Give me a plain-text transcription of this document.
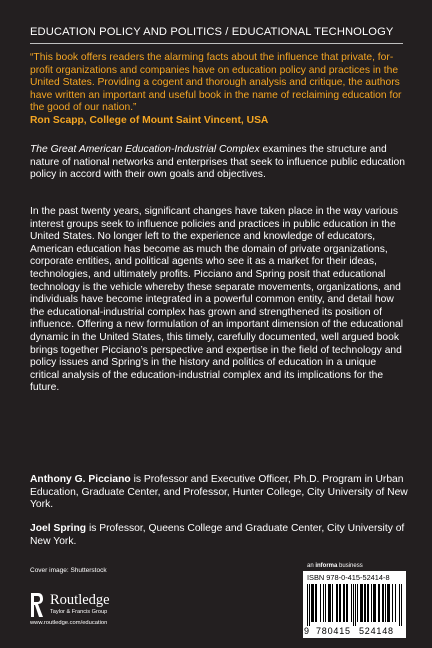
EDUCATION POLICY AND POLITICS / EDUCATIONAL TECHNOLOGY
“This book offers readers the alarming facts about the influence that private, for-profit organizations and companies have on education policy and practices in the United States. Providing a cogent and thorough analysis and critique, the authors have written an important and useful book in the name of reclaiming education for the good of our nation.”
Ron Scapp, College of Mount Saint Vincent, USA
The Great American Education-Industrial Complex examines the structure and nature of national networks and enterprises that seek to influence public education policy in accord with their own goals and objectives.
In the past twenty years, significant changes have taken place in the way various interest groups seek to influence policies and practices in public education in the United States. No longer left to the experience and knowledge of educators, American education has become as much the domain of private organizations, corporate entities, and political agents who see it as a market for their ideas, technologies, and ultimately profits. Picciano and Spring posit that educational technology is the vehicle whereby these separate movements, organizations, and individuals have become integrated in a powerful common entity, and detail how the educational-industrial complex has grown and strengthened its position of influence. Offering a new formulation of an important dimension of the educational dynamic in the United States, this timely, carefully documented, well argued book brings together Picciano’s perspective and expertise in the field of technology and policy issues and Spring’s in the history and politics of education in a unique critical analysis of the education-industrial complex and its implications for the future.
Anthony G. Picciano is Professor and Executive Officer, Ph.D. Program in Urban Education, Graduate Center, and Professor, Hunter College, City University of New York.
Joel Spring is Professor, Queens College and Graduate Center, City University of New York.
Cover image: Shutterstock
Routledge
Taylor & Francis Group
www.routledge.com/education
an informa business
ISBN 978-0-415-52414-8
9 780415 524148
